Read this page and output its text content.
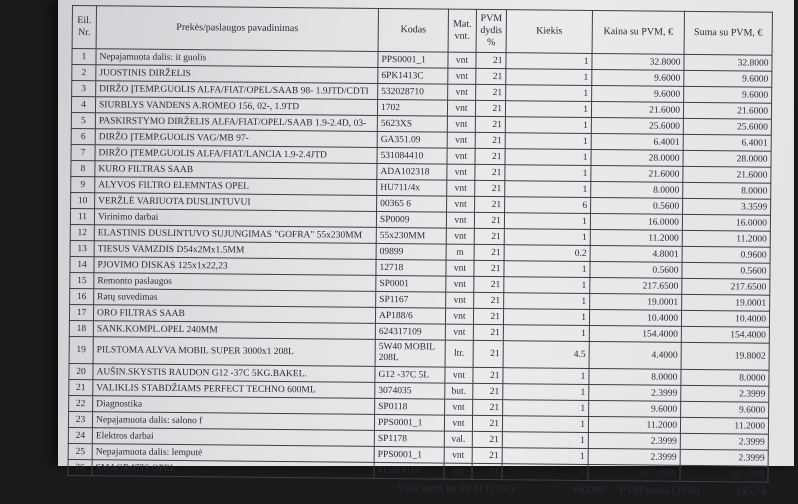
Eil. Nr.	Prekės/paslaugos pavadinimas	Kodas	Mat. vnt.	PVM dydis %	Kiekis	Kaina su PVM, €	Suma su PVM, €
1	Nepajamuota dalis: it guolis	PPS0001_1	vnt	21	1	32.8000	32.8000
2	JUOSTINIS DIRŽELIS	6PK1413C	vnt	21	1	9.6000	9.6000
3	DIRŽO ĮTEMP.GUOLIS ALFA/FIAT/OPEL/SAAB 98- 1.9JTD/CDTI	532028710	vnt	21	1	9.6000	9.6000
4	SIURBLYS VANDENS A.ROMEO 156, 02-, 1.9TD	1702	vnt	21	1	21.6000	21.6000
5	PASKIRSTYMO DIRŽELIS ALFA/FIAT/OPEL/SAAB 1.9-2.4D, 03-	5623XS	vnt	21	1	25.6000	25.6000
6	DIRŽO ĮTEMP.GUOLIS VAG/MB 97-	GA351.09	vnt	21	1	6.4001	6.4001
7	DIRŽO ĮTEMP.GUOLIS ALFA/FIAT/LANCIA 1.9-2.4JTD	531084410	vnt	21	1	28.0000	28.0000
8	KURO FILTRAS SAAB	ADA102318	vnt	21	1	21.6000	21.6000
9	ALYVOS FILTRO ELEMNTAS OPEL	HU711/4x	vnt	21	1	8.0000	8.0000
10	VERŽLĖ VARIUOTA DUSLINTUVUI	00365 6	vnt	21	6	0.5600	3.3599
11	Virinimo darbai	SP0009	vnt	21	1	16.0000	16.0000
12	ELASTINIS DUSLINTUVO SUJUNGIMAS "GOFRA" 55x230MM	55x230MM	vnt	21	1	11.2000	11.2000
13	TIESUS VAMZDIS D54x2Mx1.5MM	09899	m	21	0.2	4.8001	0.9600
14	PJOVIMO DISKAS 125x1x22,23	12718	vnt	21	1	0.5600	0.5600
15	Remonto paslaugos	SP0001	vnt	21	1	217.6500	217.6500
16	Ratų suvedimas	SP1167	vnt	21	1	19.0001	19.0001
17	ORO FILTRAS SAAB	AP188/6	vnt	21	1	10.4000	10.4000
18	SANK.KOMPL.OPEL 240MM	624317109	vnt	21	1	154.4000	154.4000
19	PILSTOMA ALYVA MOBIL SUPER 3000x1 208L	5W40 MOBIL 208L	ltr.	21	4.5	4.4000	19.8002
20	AUŠIN.SKYSTIS RAUDON G12 -37C 5KG.BAKEL.	G12 -37C 5L	vnt	21	1	8.0000	8.0000
21	VALIKLIS STABDŽIAMS PERFECT TECHNO 600ML	3074035	but.	21	1	2.3999	2.3999
22	Diagnostika	SP0118	vnt	21	1	9.6000	9.6000
23	Nepajamuota dalis: salono f	PPS0001_1	vnt	21	1	11.2000	11.2000
24	Elektros darbai	SP1178	val.	21	1	2.3999	2.3999
25	Nepajamuota dalis: lemputė	PPS0001_1	vnt	21	1	2.3999	2.3999
26	SMAGRATIS OPEL	415024110	vnt	21	1	187.1999	187.1999
Viso suma be PVM (21%):	693.99 PVM suma (21%)	145.74
